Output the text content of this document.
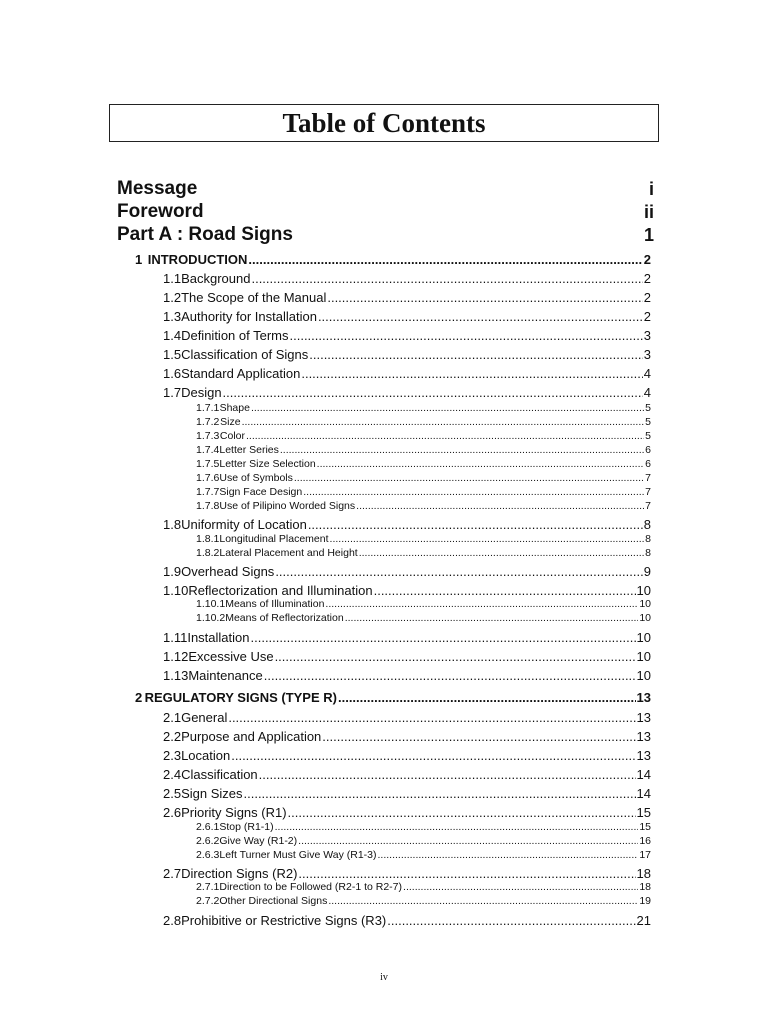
Table of Contents
Message	i
Foreword	ii
Part A : Road Signs	1
1 INTRODUCTION .....	2
1.1 Background .....	2
1.2 The Scope of the Manual .....	2
1.3 Authority for Installation .....	2
1.4 Definition of Terms .....	3
1.5 Classification of Signs .....	3
1.6 Standard Application .....	4
1.7 Design .....	4
1.7.1 Shape .....	5
1.7.2 Size .....	5
1.7.3 Color .....	5
1.7.4 Letter Series .....	6
1.7.5 Letter Size Selection .....	6
1.7.6 Use of Symbols .....	7
1.7.7 Sign Face Design .....	7
1.7.8 Use of Pilipino Worded Signs .....	7
1.8 Uniformity of Location .....	8
1.8.1 Longitudinal Placement .....	8
1.8.2 Lateral Placement and Height .....	8
1.9 Overhead Signs .....	9
1.10 Reflectorization and Illumination .....	10
1.10.1 Means of Illumination .....	10
1.10.2 Means of Reflectorization .....	10
1.11 Installation .....	10
1.12 Excessive Use .....	10
1.13 Maintenance .....	10
2 REGULATORY SIGNS (TYPE R) .....	13
2.1 General .....	13
2.2 Purpose and Application .....	13
2.3 Location .....	13
2.4 Classification .....	14
2.5 Sign Sizes .....	14
2.6 Priority Signs (R1) .....	15
2.6.1 Stop (R1-1) .....	15
2.6.2 Give Way (R1-2) .....	16
2.6.3 Left Turner Must Give Way (R1-3) .....	17
2.7 Direction Signs (R2) .....	18
2.7.1 Direction to be Followed (R2-1 to R2-7) .....	18
2.7.2 Other Directional Signs .....	19
2.8 Prohibitive or Restrictive Signs (R3) .....	21
iv
